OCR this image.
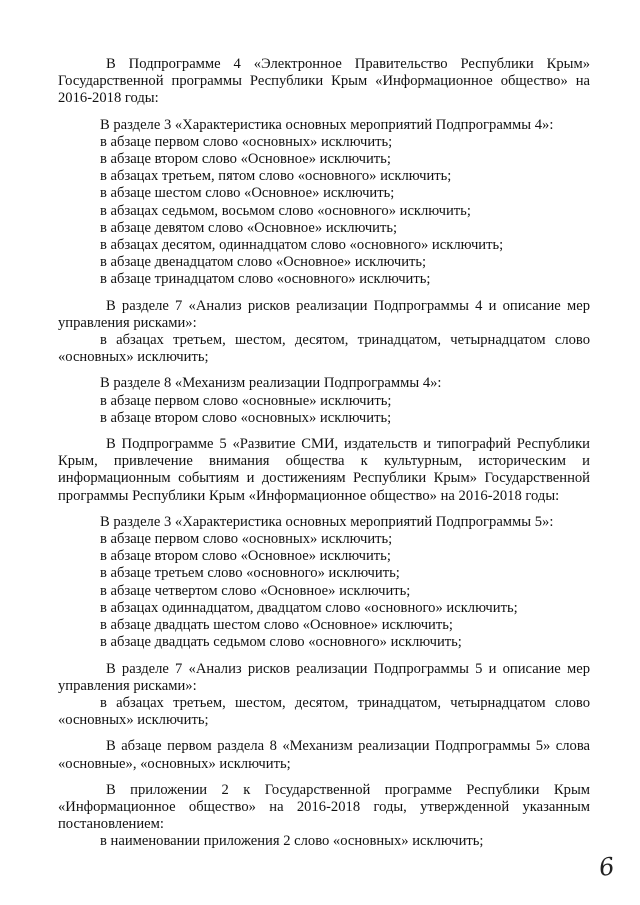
В Подпрограмме 4 «Электронное Правительство Республики Крым» Государственной программы Республики Крым «Информационное общество» на 2016-2018 годы:
В разделе 3 «Характеристика основных мероприятий Подпрограммы 4»:
в абзаце первом слово «основных» исключить;
в абзаце втором слово «Основное» исключить;
в абзацах третьем, пятом слово «основного» исключить;
в абзаце шестом слово «Основное» исключить;
в абзацах седьмом, восьмом слово «основного» исключить;
в абзаце девятом слово «Основное» исключить;
в абзацах десятом, одиннадцатом слово «основного» исключить;
в абзаце двенадцатом слово «Основное» исключить;
в абзаце тринадцатом слово «основного» исключить;
В разделе 7 «Анализ рисков реализации Подпрограммы 4 и описание мер управления рисками»:
в абзацах третьем, шестом, десятом, тринадцатом, четырнадцатом слово «основных» исключить;
В разделе 8 «Механизм реализации Подпрограммы 4»:
в абзаце первом слово «основные» исключить;
в абзаце втором слово «основных» исключить;
В Подпрограмме 5 «Развитие СМИ, издательств и типографий Республики Крым, привлечение внимания общества к культурным, историческим и информационным событиям и достижениям Республики Крым» Государственной программы Республики Крым «Информационное общество» на 2016-2018 годы:
В разделе 3 «Характеристика основных мероприятий Подпрограммы 5»:
в абзаце первом слово «основных» исключить;
в абзаце втором слово «Основное» исключить;
в абзаце третьем слово «основного» исключить;
в абзаце четвертом слово «Основное» исключить;
в абзацах одиннадцатом, двадцатом слово «основного» исключить;
в абзаце двадцать шестом слово «Основное» исключить;
в абзаце двадцать седьмом слово «основного» исключить;
В разделе 7 «Анализ рисков реализации Подпрограммы 5 и описание мер управления рисками»:
в абзацах третьем, шестом, десятом, тринадцатом, четырнадцатом слово «основных» исключить;
В абзаце первом раздела 8 «Механизм реализации Подпрограммы 5» слова «основные», «основных» исключить;
В приложении 2 к Государственной программе Республики Крым «Информационное общество» на 2016-2018 годы, утвержденной указанным постановлением:
в наименовании приложения 2 слово «основных» исключить;
6
